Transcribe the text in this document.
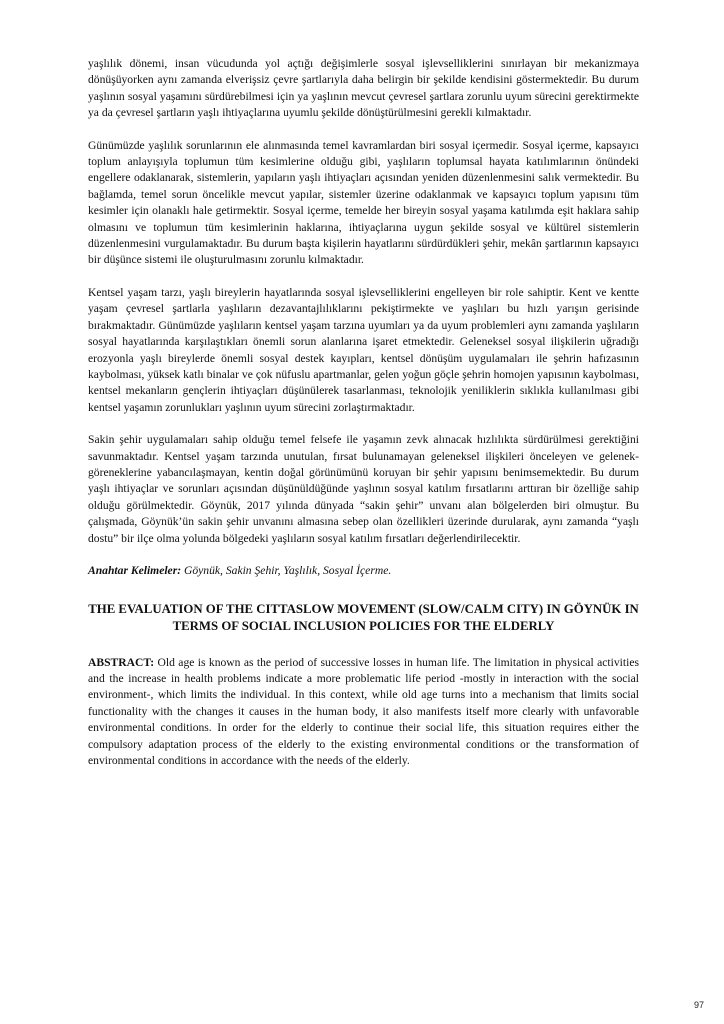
yaşlılık dönemi, insan vücudunda yol açtığı değişimlerle sosyal işlevselliklerini sınırlayan bir mekanizmaya dönüşüyorken aynı zamanda elverişsiz çevre şartlarıyla daha belirgin bir şekilde kendisini göstermektedir. Bu durum yaşlının sosyal yaşamını sürdürebilmesi için ya yaşlının mevcut çevresel şartlara zorunlu uyum sürecini gerektirmekte ya da çevresel şartların yaşlı ihtiyaçlarına uyumlu şekilde dönüştürülmesini gerekli kılmaktadır.

Günümüzde yaşlılık sorunlarının ele alınmasında temel kavramlardan biri sosyal içermedir. Sosyal içerme, kapsayıcı toplum anlayışıyla toplumun tüm kesimlerine olduğu gibi, yaşlıların toplumsal hayata katılımlarının önündeki engellere odaklanarak, sistemlerin, yapıların yaşlı ihtiyaçları açısından yeniden düzenlenmesini salık vermektedir. Bu bağlamda, temel sorun öncelikle mevcut yapılar, sistemler üzerine odaklanmak ve kapsayıcı toplum yapısını tüm kesimler için olanaklı hale getirmektir. Sosyal içerme, temelde her bireyin sosyal yaşama katılımda eşit haklara sahip olmasını ve toplumun tüm kesimlerinin haklarına, ihtiyaçlarına uygun şekilde sosyal ve kültürel sistemlerin düzenlenmesini vurgulamaktadır. Bu durum başta kişilerin hayatlarını sürdürdükleri şehir, mekân şartlarının kapsayıcı bir düşünce sistemi ile oluşturulmasını zorunlu kılmaktadır.

Kentsel yaşam tarzı, yaşlı bireylerin hayatlarında sosyal işlevselliklerini engelleyen bir role sahiptir. Kent ve kentte yaşam çevresel şartlarla yaşlıların dezavantajlılıklarını pekiştirmekte ve yaşlıları bu hızlı yarışın gerisinde bırakmaktadır. Günümüzde yaşlıların kentsel yaşam tarzına uyumları ya da uyum problemleri aynı zamanda yaşlıların sosyal hayatlarında karşılaştıkları önemli sorun alanlarına işaret etmektedir. Geleneksel sosyal ilişkilerin uğradığı erozyonla yaşlı bireylerde önemli sosyal destek kayıpları, kentsel dönüşüm uygulamaları ile şehrin hafızasının kaybolması, yüksek katlı binalar ve çok nüfuslu apartmanlar, gelen yoğun göçle şehrin homojen yapısının kaybolması, kentsel mekanların gençlerin ihtiyaçları düşünülerek tasarlanması, teknolojik yeniliklerin sıklıkla kullanılması gibi kentsel yaşamın zorunlukları yaşlının uyum sürecini zorlaştırmaktadır.

Sakin şehir uygulamaları sahip olduğu temel felsefe ile yaşamın zevk alınacak hızlılıkta sürdürülmesi gerektiğini savunmaktadır. Kentsel yaşam tarzında unutulan, fırsat bulunamayan geleneksel ilişkileri önceleyen ve gelenek- göreneklerine yabancılaşmayan, kentin doğal görünümünü koruyan bir şehir yapısını benimsemektedir. Bu durum yaşlı ihtiyaçlar ve sorunları açısından düşünüldüğünde yaşlının sosyal katılım fırsatlarını arttıran bir özelliğe sahip olduğu görülmektedir. Göynük, 2017 yılında dünyada “sakin şehir” unvanı alan bölgelerden biri olmuştur. Bu çalışmada, Göynük’ün sakin şehir unvanını almasına sebep olan özellikleri üzerinde durularak, aynı zamanda “yaşlı dostu” bir ilçe olma yolunda bölgedeki yaşlıların sosyal katılım fırsatları değerlendirilecektir.

Anahtar Kelimeler: Göynük, Sakin Şehir, Yaşlılık, Sosyal İçerme.

THE EVALUATION OF THE CITTASLOW MOVEMENT (SLOW/CALM CITY) IN GÖYNÜK IN TERMS OF SOCIAL INCLUSION POLICIES FOR THE ELDERLY

ABSTRACT: Old age is known as the period of successive losses in human life. The limitation in physical activities and the increase in health problems indicate a more problematic life period -mostly in interaction with the social environment-, which limits the individual. In this context, while old age turns into a mechanism that limits social functionality with the changes it causes in the human body, it also manifests itself more clearly with unfavorable environmental conditions. In order for the elderly to continue their social life, this situation requires either the compulsory adaptation process of the elderly to the existing environmental conditions or the transformation of environmental conditions in accordance with the needs of the elderly.

97
